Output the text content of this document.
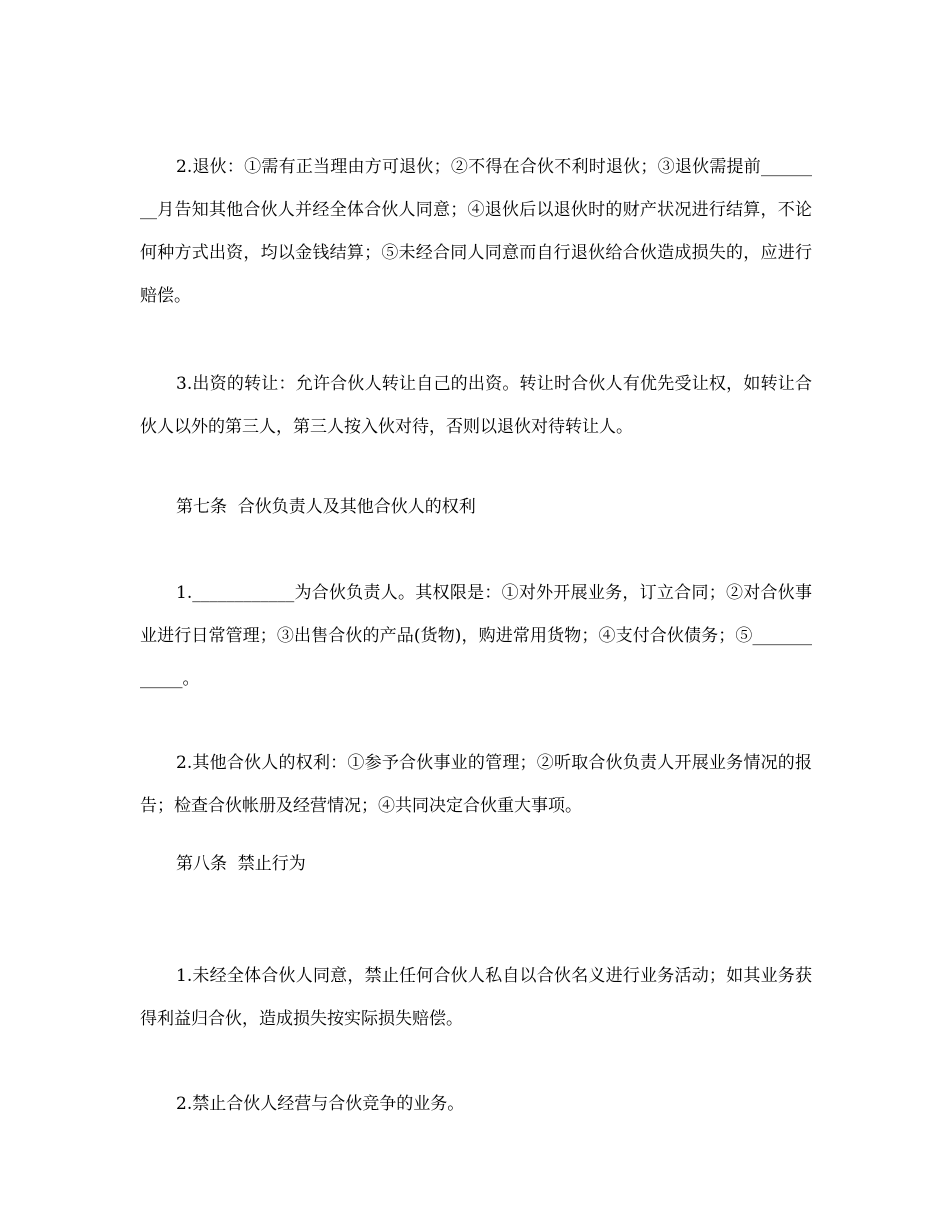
2.退伙：①需有正当理由方可退伙；②不得在合伙不利时退伙；③退伙需提前________月告知其他合伙人并经全体合伙人同意；④退伙后以退伙时的财产状况进行结算，不论何种方式出资，均以金钱结算；⑤未经合同人同意而自行退伙给合伙造成损失的，应进行赔偿。

3.出资的转让：允许合伙人转让自己的出资。转让时合伙人有优先受让权，如转让合伙人以外的第三人，第三人按入伙对待，否则以退伙对待转让人。

第七条  合伙负责人及其他合伙人的权利

1.____________为合伙负责人。其权限是：①对外开展业务，订立合同；②对合伙事业进行日常管理；③出售合伙的产品(货物)，购进常用货物；④支付合伙债务；⑤____________。

2.其他合伙人的权利：①参予合伙事业的管理；②听取合伙负责人开展业务情况的报告；检查合伙帐册及经营情况；④共同决定合伙重大事项。

第八条  禁止行为

1.未经全体合伙人同意，禁止任何合伙人私自以合伙名义进行业务活动；如其业务获得利益归合伙，造成损失按实际损失赔偿。

2.禁止合伙人经营与合伙竞争的业务。
